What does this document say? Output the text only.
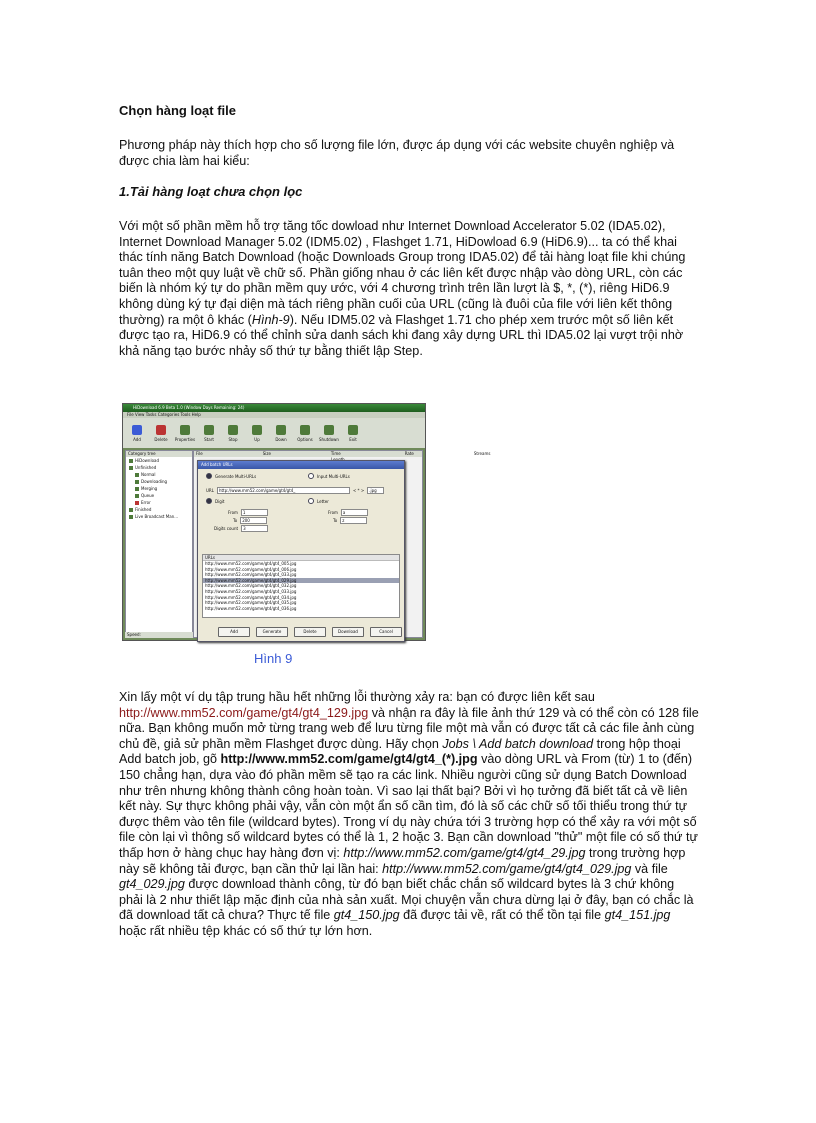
Chọn hàng loạt file
Phương pháp này thích hợp cho số lượng file lớn, được áp dụng với các website chuyên nghiệp và được chia làm hai kiểu:
1.Tải hàng loạt chưa chọn lọc
Với một số phần mềm hỗ trợ tăng tốc dowload như Internet Download Accelerator 5.02 (IDA5.02), Internet Download Manager 5.02 (IDM5.02) , Flashget 1.71, HiDowload 6.9 (HiD6.9)... ta có thể khai thác tính năng Batch Download (hoặc Downloads Group trong IDA5.02) để tải hàng loạt file khi chúng tuân theo một quy luật về chữ số. Phần giống nhau ở các liên kết được nhập vào dòng URL, còn các biến là nhóm ký tự do phần mềm quy ước, với 4 chương trình trên lần lượt là $, *, (*), riêng HiD6.9 không dùng ký tự đại diện mà tách riêng phần cuối của URL (cũng là đuôi của file với liên kết thông thường) ra một ô khác (Hình-9). Nếu IDM5.02 và Flashget 1.71 cho phép xem trước một số liên kết được tạo ra, HiD6.9 có thể chỉnh sửa danh sách khi đang xây dựng URL thì IDA5.02 lại vượt trội nhờ khả năng tạo bước nhảy số thứ tự bằng thiết lập Step.
HiDownload 6.9 Beta 1.0 (Window Days Remaining: 24)
File View Tasks Categories Tools Help
Add	Delete Properties Start	Stop	Up	Down	Options Shutdown	Exit
Category tree
HiDownload
Unfinished
Normal
Downloading
Merging
Queue
Error
Finished
Live Broadcast Man...
Speed:
File	Size	Time	Rate	Streams
Add batch URLs
Generate Multi-URLs	Input Multi-URLs
URL	http://www.mm52.com/game/gt4/gt4_	< * >	.jpg
Digit	Letter
From	1
To	200
Digits count	3
From	a
To	z
URLs
http://www.mm52.com/game/gt4/gt4_005.jpg
http://www.mm52.com/game/gt4/gt4_006.jpg
http://www.mm52.com/game/gt4/gt4_033.jpg
http://www.mm52.com/game/gt4/gt4_029.jpg
http://www.mm52.com/game/gt4/gt4_032.jpg
http://www.mm52.com/game/gt4/gt4_033.jpg
http://www.mm52.com/game/gt4/gt4_034.jpg
http://www.mm52.com/game/gt4/gt4_035.jpg
http://www.mm52.com/game/gt4/gt4_036.jpg
Add	Generate	Delete	Download	Cancel
Hình 9
Xin lấy một ví dụ tập trung hầu hết những lỗi thường xảy ra: bạn có được liên kết sau http://www.mm52.com/game/gt4/gt4_129.jpg và nhận ra đây là file ảnh thứ 129 và có thể còn có 128 file nữa. Bạn không muốn mở từng trang web để lưu từng file một mà vẫn có được tất cả các file ảnh cùng chủ đề, giả sử phần mềm Flashget được dùng. Hãy chọn Jobs \ Add batch download trong hộp thoại Add batch job, gõ http://www.mm52.com/game/gt4/gt4_(*).jpg vào dòng URL và From (từ) 1 to (đến) 150 chẳng hạn, dựa vào đó phần mềm sẽ tạo ra các link. Nhiều người cũng sử dụng Batch Download như trên nhưng không thành công hoàn toàn. Vì sao lại thất bại? Bởi vì họ tưởng đã biết tất cả về liên kết này. Sự thực không phải vậy, vẫn còn một ẩn số cần tìm, đó là số các chữ số tối thiểu trong thứ tự được thêm vào tên file (wildcard bytes). Trong ví dụ này chứa tới 3 trường hợp có thể xảy ra với một số file còn lại vì thông số wildcard bytes có thể là 1, 2 hoặc 3. Bạn cần download "thử" một file có số thứ tự thấp hơn ở hàng chục hay hàng đơn vị: http://www.mm52.com/game/gt4/gt4_29.jpg trong trường hợp này sẽ không tải được, bạn cần thử lại lần hai: http://www.mm52.com/game/gt4/gt4_029.jpg và file gt4_029.jpg được download thành công, từ đó bạn biết chắc chắn số wildcard bytes là 3 chứ không phải là 2 như thiết lập mặc định của nhà sản xuất. Mọi chuyện vẫn chưa dừng lại ở đây, bạn có chắc là đã download tất cả chưa? Thực tế file gt4_150.jpg đã được tải về, rất có thể tồn tại file gt4_151.jpg hoặc rất nhiều tệp khác có số thứ tự lớn hơn.
